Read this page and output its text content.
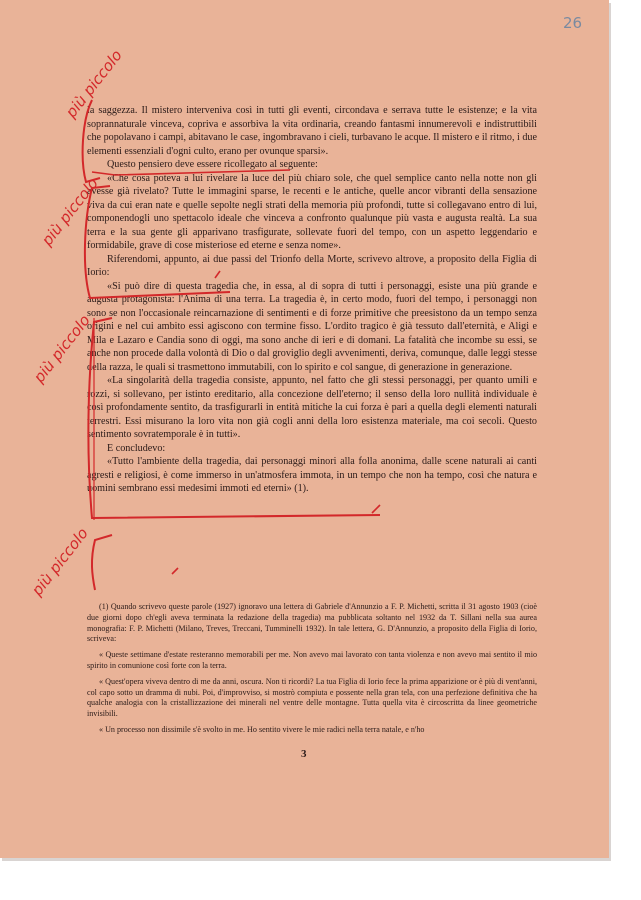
26

la saggezza. Il mistero interveniva così in tutti gli eventi, circondava e serrava tutte le esistenze; e la vita soprannaturale vinceva, copriva e assorbiva la vita ordinaria, creando fantasmi innumerevoli e indistruttibili che popolavano i campi, abitavano le case, ingombravano i cieli, turbavano le acque. Il mistero e il ritmo, i due elementi essenziali d'ogni culto, erano per ovunque sparsi».

Questo pensiero deve essere ricollegato al seguente:

«Che cosa poteva a lui rivelare la luce del più chiaro sole, che quel semplice canto nella notte non gli avesse già rivelato? Tutte le immagini sparse, le recenti e le antiche, quelle ancor vibranti della sensazione viva da cui eran nate e quelle sepolte negli strati della memoria più profondi, tutte si collegavano entro di lui, componendogli uno spettacolo ideale che vinceva a confronto qualunque più vasta e augusta realtà. La sua terra e la sua gente gli apparivano trasfigurate, sollevate fuori del tempo, con un aspetto leggendario e formidabile, grave di cose misteriose ed eterne e senza nome».

Riferendomi, appunto, ai due passi del Trionfo della Morte, scrivevo altrove, a proposito della Figlia di Iorio:

«Si può dire di questa tragedia che, in essa, al di sopra di tutti i personaggi, esiste una più grande e augusta protagonista: l'Anima di una terra. La tragedia è, in certo modo, fuori del tempo, i personaggi non sono se non l'occasionale reincarnazione di sentimenti e di forze primitive che preesistono da un tempo senza origini e nel cui ambito essi agiscono con termine fisso. L'ordito tragico è già tessuto dall'eternità, e Aligi e Mila e Lazaro e Candia sono di oggi, ma sono anche di ieri e di domani. La fatalità che incombe su essi, se anche non procede dalla volontà di Dio o dal groviglio degli avvenimenti, deriva, comunque, dalle leggi stesse della razza, le quali si trasmettono immutabili, con lo spirito e col sangue, di generazione in generazione.

«La singolarità della tragedia consiste, appunto, nel fatto che gli stessi personaggi, per quanto umili e rozzi, si sollevano, per istinto ereditario, alla concezione dell'eterno; il senso della loro nullità individuale è così profondamente sentito, da trasfigurarli in entità mitiche la cui forza è pari a quella degli elementi naturali terrestri. Essi misurano la loro vita non già cogli anni della loro esistenza materiale, ma coi secoli. Questo sentimento sovratemporale è in tutti».

E concludevo:

«Tutto l'ambiente della tragedia, dai personaggi minori alla folla anonima, dalle scene naturali ai canti agresti e religiosi, è come immerso in un'atmosfera immota, in un tempo che non ha tempo, così che natura e uomini sembrano essi medesimi immoti ed eterni» (1).

(1) Quando scrivevo queste parole (1927) ignoravo una lettera di Gabriele d'Annunzio a F. P. Michetti, scritta il 31 agosto 1903 (cioè due giorni dopo ch'egli aveva terminata la redazione della tragedia) ma pubblicata soltanto nel 1932 da T. Sillani nella sua aurea monografia: F. P. Michetti (Milano, Treves, Treccani, Tumminelli 1932). In tale lettera, G. D'Annunzio, a proposito della Figlia di Iorio, scriveva:

« Queste settimane d'estate resteranno memorabili per me. Non avevo mai lavorato con tanta violenza e non avevo mai sentito il mio spirito in comunione così forte con la terra.

« Quest'opera viveva dentro di me da anni, oscura. Non ti ricordi? La tua Figlia di Iorio fece la prima apparizione or è più di vent'anni, col capo sotto un dramma di nubi. Poi, d'improvviso, si mostrò compiuta e possente nella gran tela, con una perfezione definitiva che ha qualche analogia con la cristallizzazione dei minerali nel ventre delle montagne. Tutta quella vita è circoscritta da linee geometriche invisibili.

« Un processo non dissimile s'è svolto in me. Ho sentito vivere le mie radici nella terra natale, e n'ho

3
più piccolo
più piccolo
più piccolo
più piccolo
